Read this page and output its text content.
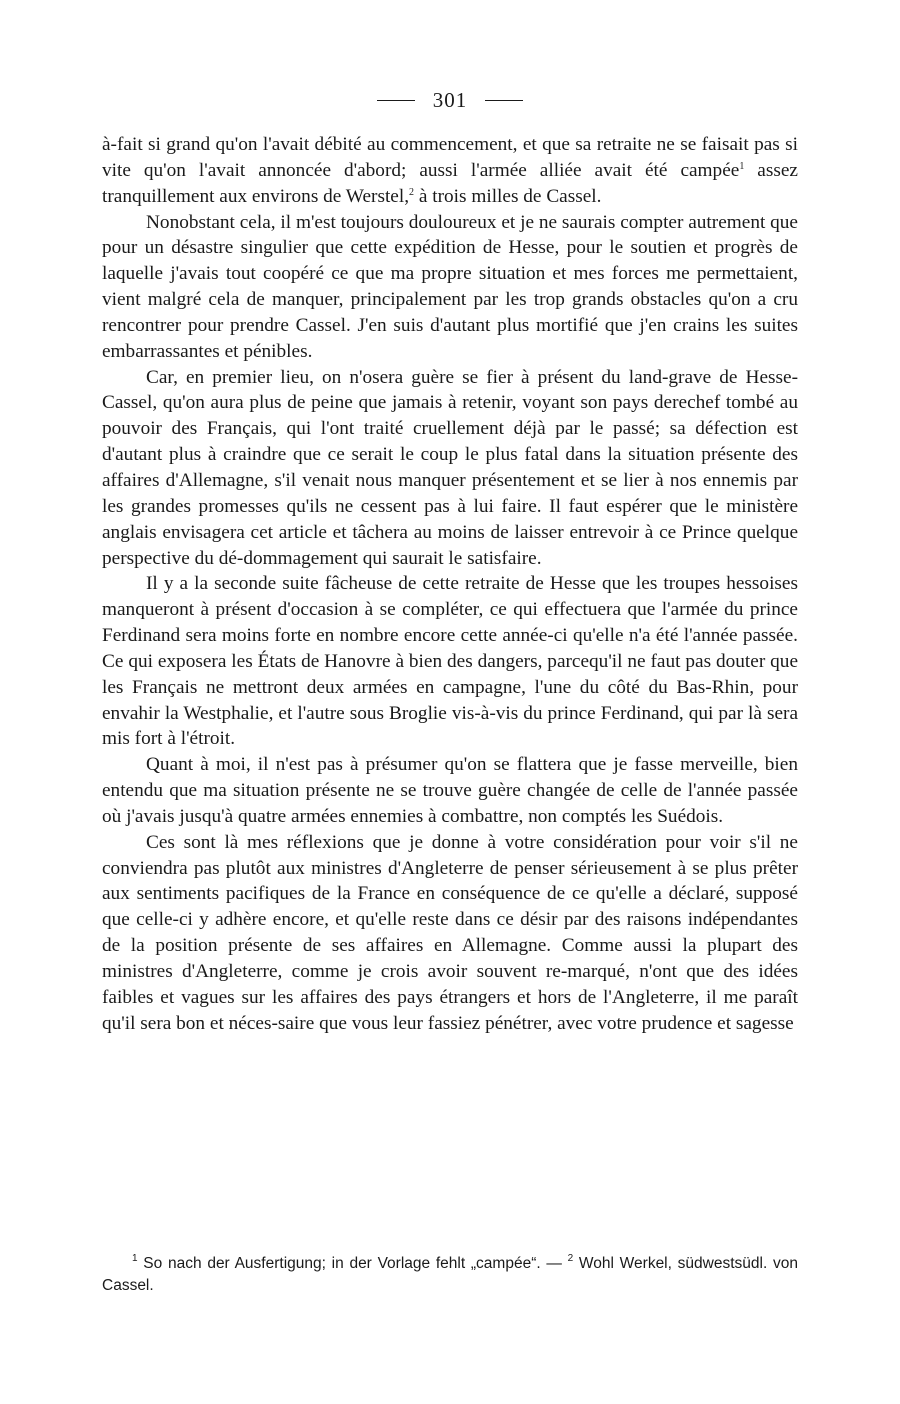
301

à-fait si grand qu'on l'avait débité au commencement, et que sa retraite ne se faisait pas si vite qu'on l'avait annoncée d'abord; aussi l'armée alliée avait été campée$^1$ assez tranquillement aux environs de Werstel,$^2$ à trois milles de Cassel.

Nonobstant cela, il m'est toujours douloureux et je ne saurais compter autrement que pour un désastre singulier que cette expédition de Hesse, pour le soutien et progrès de laquelle j'avais tout coopéré ce que ma propre situation et mes forces me permettaient, vient malgré cela de manquer, principalement par les trop grands obstacles qu'on a cru rencontrer pour prendre Cassel. J'en suis d'autant plus mortifié que j'en crains les suites embarrassantes et pénibles.

Car, en premier lieu, on n'osera guère se fier à présent du land-grave de Hesse-Cassel, qu'on aura plus de peine que jamais à retenir, voyant son pays derechef tombé au pouvoir des Français, qui l'ont traité cruellement déjà par le passé; sa défection est d'autant plus à craindre que ce serait le coup le plus fatal dans la situation présente des affaires d'Allemagne, s'il venait nous manquer présentement et se lier à nos ennemis par les grandes promesses qu'ils ne cessent pas à lui faire. Il faut espérer que le ministère anglais envisagera cet article et tâchera au moins de laisser entrevoir à ce Prince quelque perspective du dé-dommagement qui saurait le satisfaire.

Il y a la seconde suite fâcheuse de cette retraite de Hesse que les troupes hessoises manqueront à présent d'occasion à se compléter, ce qui effectuera que l'armée du prince Ferdinand sera moins forte en nombre encore cette année-ci qu'elle n'a été l'année passée. Ce qui exposera les États de Hanovre à bien des dangers, parcequ'il ne faut pas douter que les Français ne mettront deux armées en campagne, l'une du côté du Bas-Rhin, pour envahir la Westphalie, et l'autre sous Broglie vis-à-vis du prince Ferdinand, qui par là sera mis fort à l'étroit.

Quant à moi, il n'est pas à présumer qu'on se flattera que je fasse merveille, bien entendu que ma situation présente ne se trouve guère changée de celle de l'année passée où j'avais jusqu'à quatre armées ennemies à combattre, non comptés les Suédois.

Ces sont là mes réflexions que je donne à votre considération pour voir s'il ne conviendra pas plutôt aux ministres d'Angleterre de penser sérieusement à se plus prêter aux sentiments pacifiques de la France en conséquence de ce qu'elle a déclaré, supposé que celle-ci y adhère encore, et qu'elle reste dans ce désir par des raisons indépendantes de la position présente de ses affaires en Allemagne. Comme aussi la plupart des ministres d'Angleterre, comme je crois avoir souvent re-marqué, n'ont que des idées faibles et vagues sur les affaires des pays étrangers et hors de l'Angleterre, il me paraît qu'il sera bon et néces-saire que vous leur fassiez pénétrer, avec votre prudence et sagesse

$^1$ So nach der Ausfertigung; in der Vorlage fehlt „campée“. — $^2$ Wohl Werkel, südwestsüdl. von Cassel.
